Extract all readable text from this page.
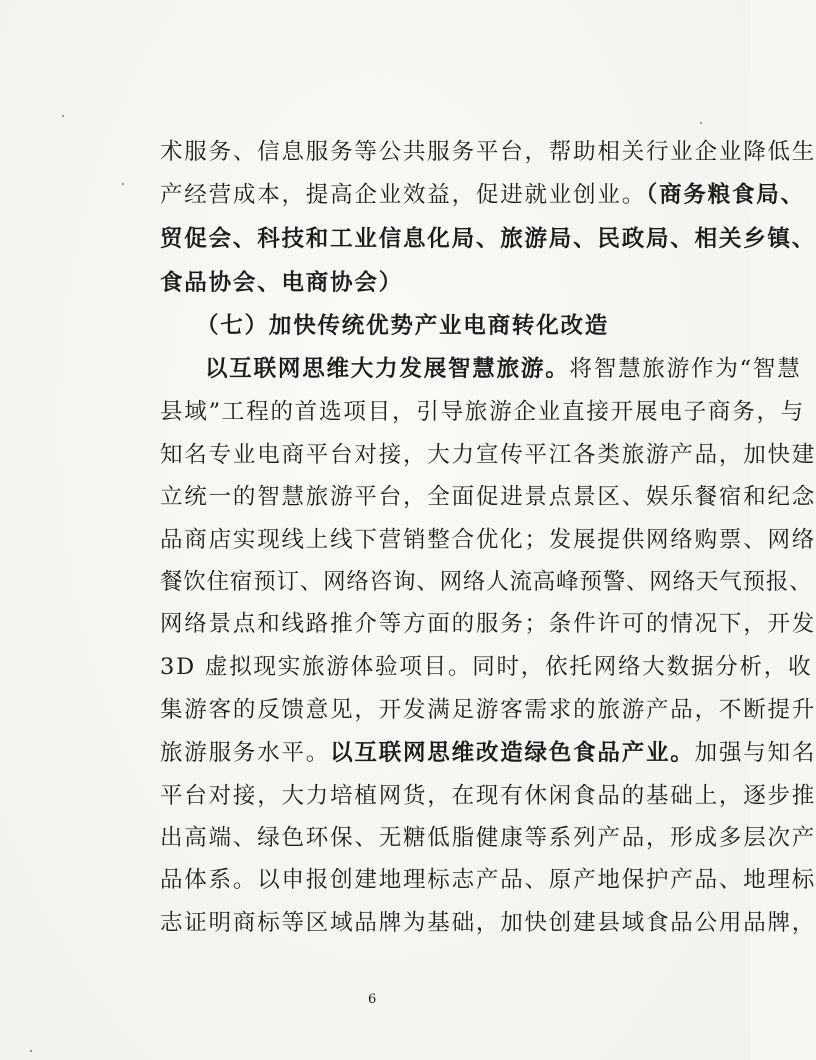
术服务、信息服务等公共服务平台，帮助相关行业企业降低生
产经营成本，提高企业效益，促进就业创业。（商务粮食局、
贸促会、科技和工业信息化局、旅游局、民政局、相关乡镇、
食品协会、电商协会）
（七）加快传统优势产业电商转化改造
以互联网思维大力发展智慧旅游。将智慧旅游作为“智慧
县域”工程的首选项目，引导旅游企业直接开展电子商务，与
知名专业电商平台对接，大力宣传平江各类旅游产品，加快建
立统一的智慧旅游平台，全面促进景点景区、娱乐餐宿和纪念
品商店实现线上线下营销整合优化；发展提供网络购票、网络
餐饮住宿预订、网络咨询、网络人流高峰预警、网络天气预报、
网络景点和线路推介等方面的服务；条件许可的情况下，开发
3D 虚拟现实旅游体验项目。同时，依托网络大数据分析，收
集游客的反馈意见，开发满足游客需求的旅游产品，不断提升
旅游服务水平。以互联网思维改造绿色食品产业。加强与知名
平台对接，大力培植网货，在现有休闲食品的基础上，逐步推
出高端、绿色环保、无糖低脂健康等系列产品，形成多层次产
品体系。以申报创建地理标志产品、原产地保护产品、地理标
志证明商标等区域品牌为基础，加快创建县域食品公用品牌，
6
